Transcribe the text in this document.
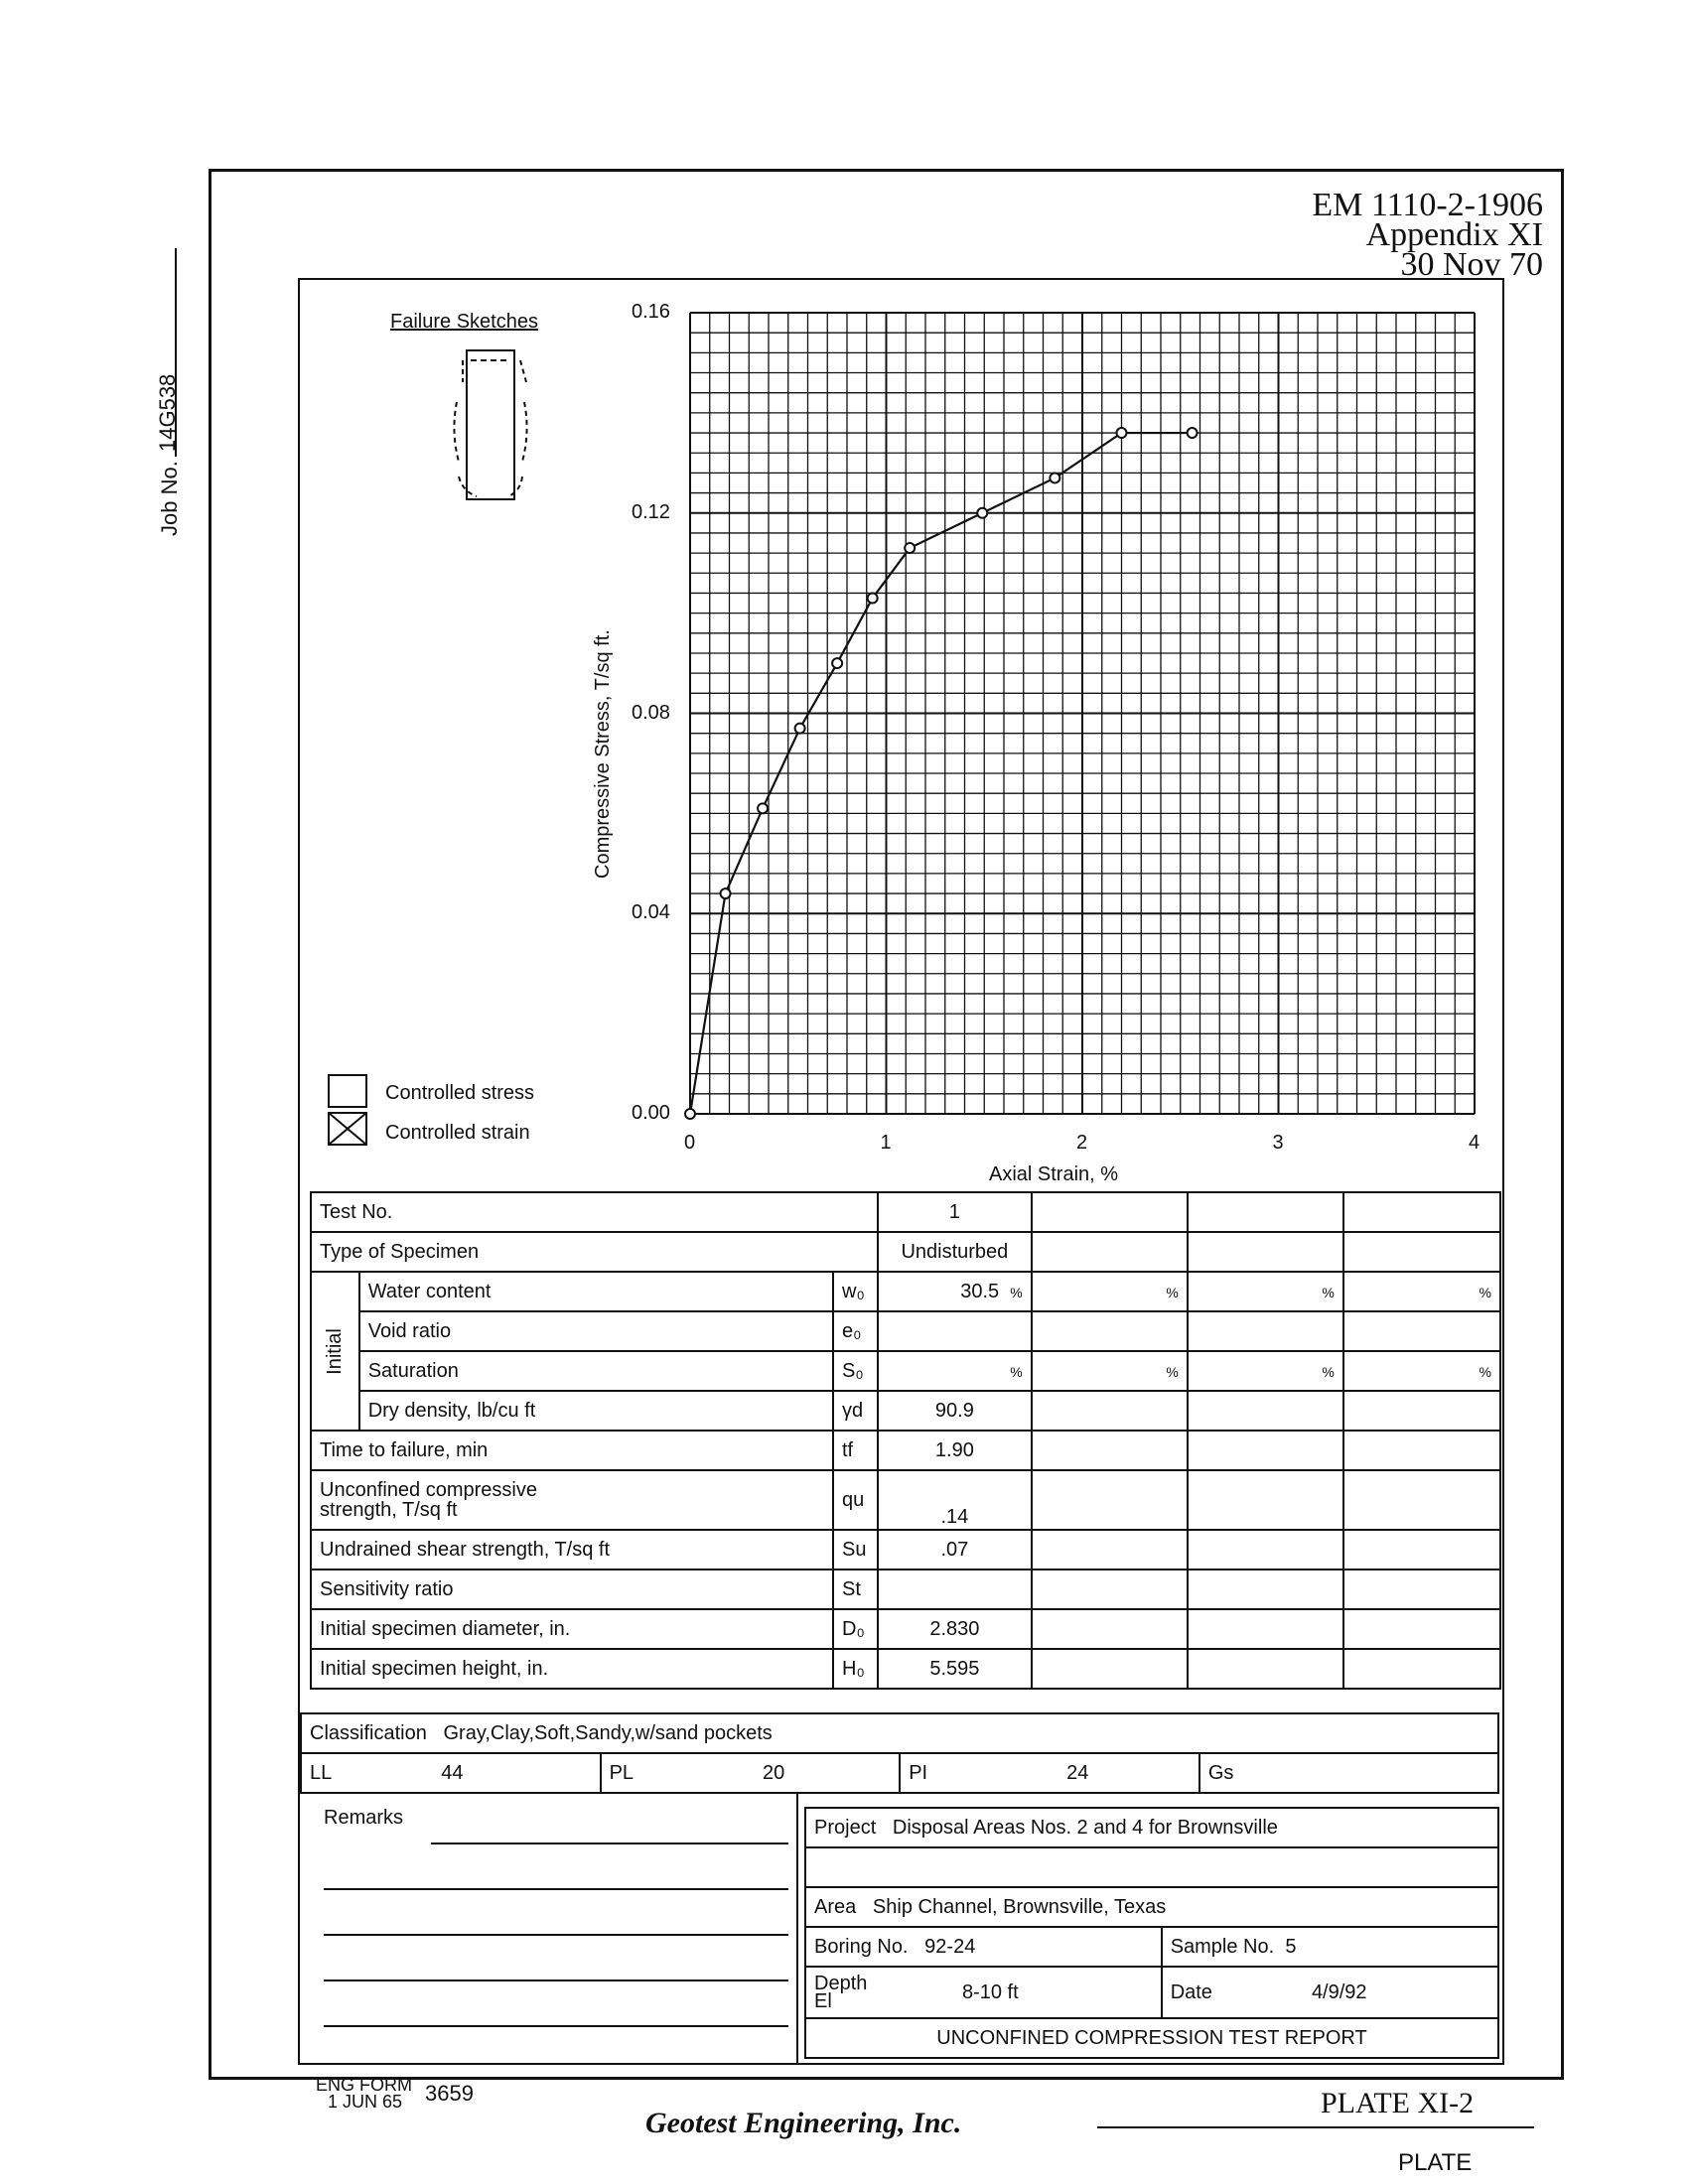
EM 1110-2-1906
Appendix XI
30 Nov 70
14G538
Job No.
Failure Sketches
Controlled stress
Controlled strain
Compressive Stress, T/sq ft.
Axial Strain, %
0.00
0.04
0.08
0.12
0.16
0	1	2	3	4
Test No.			1			
Type of Specimen			Undisturbed			

Initial	Water content	w₀	30.5 %	%	%	%
	Void ratio	e₀				
	Saturation	S₀	%	%	%	%
	Dry density, lb/cu ft	γd	90.9			
Time to failure, min		tf	1.90			

Unconfined compressive
strength, T/sq ft		qu	.14			
Undrained shear strength, T/sq ft		Su	.07			
Sensitivity ratio		St				
Initial specimen diameter, in.		D₀	2.830			
Initial specimen height, in.		H₀	5.595			
Classification Gray,Clay,Soft,Sandy,w/sand pockets
LL	44	PL	20	PI	24	Gs
Remarks	Project Disposal Areas Nos. 2 and 4 for Brownsville	

Area Ship Channel, Brownsville, Texas	
Boring No. 92-24	Sample No. 5

Depth
El 8-10 ft	Date 4/9/92
UNCONFINED COMPRESSION TEST REPORT	
ENG FORM
1 JUN 65	3659	PLATE XI-2
Geotest Engineering, Inc.
PLATE
